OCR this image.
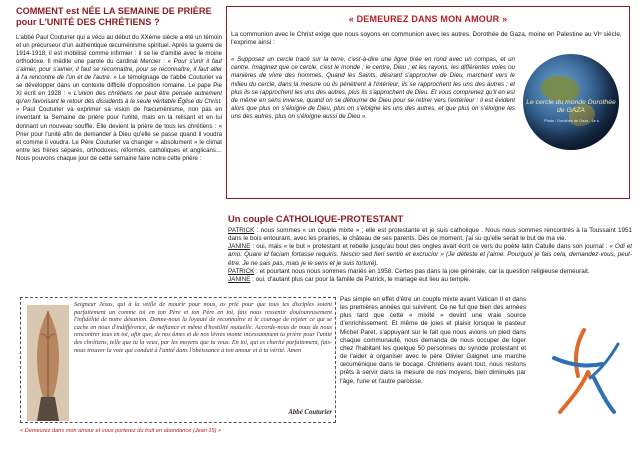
COMMENT est NÉE LA SEMAINE DE PRIÈRE
pour L'UNITÉ DES CHRÉTIENS ?
L'abbé Paul Couturier qui a vécu au début du XXème siècle a été un témoin et un précurseur d'un authentique œcuménisme spirituel. Après la guerre de 1914-1918, il est mobilisé comme infirmier : il se lie d'amitié avec le moine orthodoxe. Il médite une parole du cardinal Mercier : « Pour s'unir il faut s'aimer, pour s'aimer, il faut se reconnaître, pour se reconnaître, il faut aller à l'a rencontre de l'un et de l'autre. » Le témoignage de l'abbé Couturier va se développer dans un contexte difficile d'opposition romaine. Le pape Pie XI écrit en 1928 : « L'union des chrétiens ne peut être pensée autrement qu'en favorisant le retour des dissidents à la seule véritable Église du Christ. » Paul Couturier va exprimer sa vision de l'œcuménisme, non pas en inventant la Semaine de prière pour l'unité, mais en la relisant et en lui donnant un nouveau souffle. Elle devient la prière de tous les chrétiens : « Prier pour l'unité afin de demander à Dieu qu'elle se passe quand il voudra et comme il voudra. Le Père Couturier va changer « absolument » le climat entre les frères séparés, orthodoxes, réformés, catholiques et anglicans… Nous pouvons chaque jour de cette semaine faire notre cette prière :
« DEMEUREZ DANS MON AMOUR »
La communion avec le Christ exige que nous soyons en communion avec les autres. Dorothée de Gaza, moine en Palestine au VIᵉ siècle, l'exprime ainsi :
« Supposez un cercle tracé sur la terre, c'est-à-dire une ligne tirée en rond avec un compas, et un centre. Imaginez que ce cercle, c'est le monde ; le centre, Dieu ; et les rayons, les différentes voies ou manières de vivre des hommes. Quand les Saints, désirant s'approcher de Dieu, marchent vers le milieu du cercle, dans la mesure où ils pénètrent à l'intérieur, ils se rapprochent les uns des autres ; et plus ils se rapprochent les uns des autres, plus ils s'approchent de Dieu. Et vous comprenez qu'il en est de même en sens inverse, quand on se détourne de Dieu pour se retirer vers l'extérieur : il est évident alors que plus on s'éloigne de Dieu, plus on s'éloigne les uns des autres, et que plus on s'éloigne les uns des autres, plus on s'éloigne aussi de Dieu ».
Le cercle du monde Dorothée de GAZA
Photo : Dorothée de Gaza - 6e s.
Un couple CATHOLIQUE-PROTESTANT
PATRICK : nous sommes « un couple mixte » ; elle est protestante et je suis catholique . Nous nous sommes rencontrés à la Toussaint 1951 dans le bois entourant, avec les prairies, le château de ses parents. Dès ce moment, j'ai su qu'elle serait le but de ma vie.
JANINE : oui, mais « le but » protestant et rebelle jusqu'au bout des ongles avait écrit ce vers du poète latin Catulle dans son journal : « Odi et amo. Quare id faciam fortasse requiris. Nescio sed fieri sentio et excrucior » (Je déteste et j'aime. Pourquoi je fais cela, demandez-vous, peut-être. Je ne sais pas, mais je le sens et je suis torturé).
PATRICK : et pourtant nous nous sommes mariés en 1958. Certes pas dans la joie générale, car la question religieuse demeurait.
JANINE : oui, d'autant plus car pour la famille de Patrick, le mariage eut lieu au temple.
Seigneur Jésus, qui à la veille de mourir pour nous, as prié pour que tous tes disciples soient parfaitement un comme toi en ton Père et ton Père en toi, fais nous ressentir douloureusement l'infidélité de notre désunion. Donne-nous la loyauté de reconnaître et le courage de rejeter ce qui se cache en nous d'indifférence, de méfiance et même d'hostilité mutuelle. Accorde-nous de nous de nous rencontrer tous en toi, afin que, de nos âmes et de nos lèvres monte incessamment ta prière pour l'unité des chrétiens, telle que tu la veux, par les moyens que tu veux. En toi, qui es charité parfaitement, fais-nous trouver la voie qui conduit à l'unité dans l'obéissance à ton amour et à ta vérité. Amen
Abbé Couturier
Pas simple en effet d'être un couple mixte avant Vatican II et dans les premières années qui suivirent. Ce ne fut que bien des années plus tard que cette « mixité » devint une vraie source d'enrichissement. Et même de joies et plaisir lorsque le pasteur Michel Paret, s'appuyant sur le fait que nous avions un pied dans chaque communauté, nous demanda de nous occuper de loger chez l'habitant les quelque 50 personnes du synode protestant et de l'aider à organiser avec le père Olivier Gaignet une marche œcuménique dans le bocage. Chrétiens avant tout, nous restons prêts à servir dans la mesure de nos moyens, bien diminués par l'âge, l'une et l'autre paroisse.
« Demeurez dans mon amour et vous porterez du fruit en abondance (Jean 15) »
